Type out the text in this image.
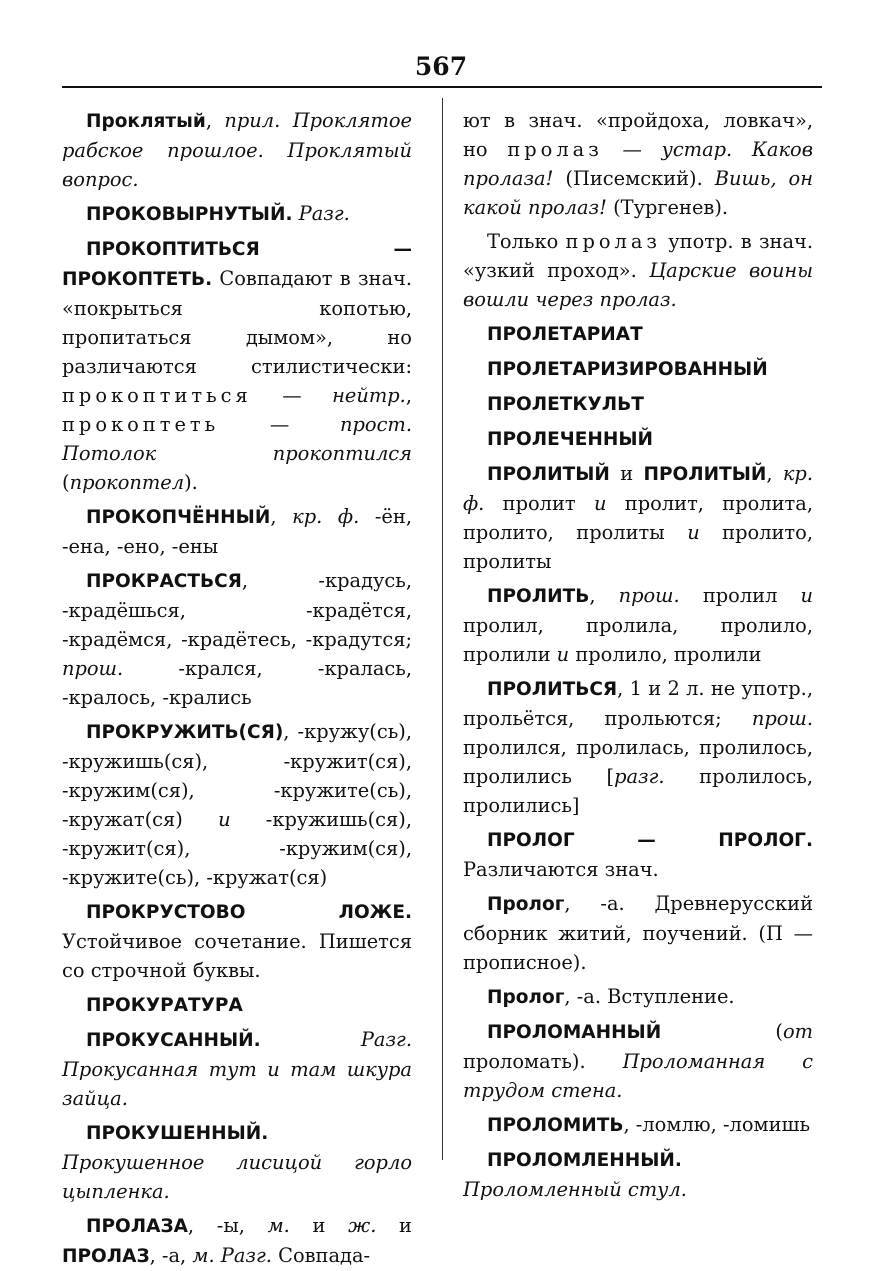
567

Проклятый, прил. Проклятое рабское прошлое. Проклятый вопрос.

ПРОКОВЫРНУТЫЙ. Разг.

ПРОКОПТИТЬСЯ — ПРОКОПТЕТЬ. Совпадают в знач. «покрыться копотью, пропитаться дымом», но различаются стилистически: прокоптиться — нейтр., прокоптеть — прост. Потолок прокоптился (прокоптел).

ПРОКОПЧЁННЫЙ, кр. ф. -ён, -ена, -ено, -ены

ПРОКРАСТЬСЯ, -крадусь, -крадёшься, -крадётся, -крадёмся, -крадётесь, -крадутся; прош. -крался, -кралась, -кралось, -крались

ПРОКРУЖИТЬ(СЯ), -кружу(сь), -кружишь(ся), -кружит(ся), -кружим(ся), -кружите(сь), -кружат(ся) и -кружишь(ся), -кружит(ся), -кружим(ся), -кружите(сь), -кружат(ся)

ПРОКРУСТОВО ЛОЖЕ. Устойчивое сочетание. Пишется со строчной буквы.

ПРОКУРАТУРА

ПРОКУСАННЫЙ.	Разг. Прокусанная тут и там шкура зайца.

ПРОКУШЕННЫЙ. Прокушенное лисицой горло цыпленка.

ПРОЛАЗА, -ы, м. и ж. и ПРОЛАЗ, -а, м. Разг. Совпада-

ют в знач. «пройдоха, ловкач», но пролаз — устар. Каков пролаза! (Писемский). Вишь, он какой пролаз! (Тургенев).

Только пролаз употр. в знач. «узкий проход». Царские воины вошли через пролаз.

ПРОЛЕТАРИАТ

ПРОЛЕТАРИЗИРОВАННЫЙ

ПРОЛЕТКУЛЬТ

ПРОЛЕЧЕННЫЙ

ПРОЛИТЫЙ и ПРОЛИТЫЙ, кр. ф. пролит и пролит, пролита, пролито, пролиты и пролито, пролиты

ПРОЛИТЬ, прош. пролил и пролил, пролила, пролило, пролили и пролило, пролили

ПРОЛИТЬСЯ, 1 и 2 л. не употр., прольётся, прольются; прош. пролился, пролилась, пролилось, пролились [разг. пролилось, пролились]

ПРОЛОГ — ПРОЛОГ. Различаются знач.

Пролог, -а. Древнерусский сборник житий, поучений. (П — прописное).

Пролог, -а. Вступление.

ПРОЛОМАННЫЙ (от проломать). Проломанная с трудом стена.

ПРОЛОМИТЬ, -ломлю, -ломишь

ПРОЛОМЛЕННЫЙ. Проломленный стул.
